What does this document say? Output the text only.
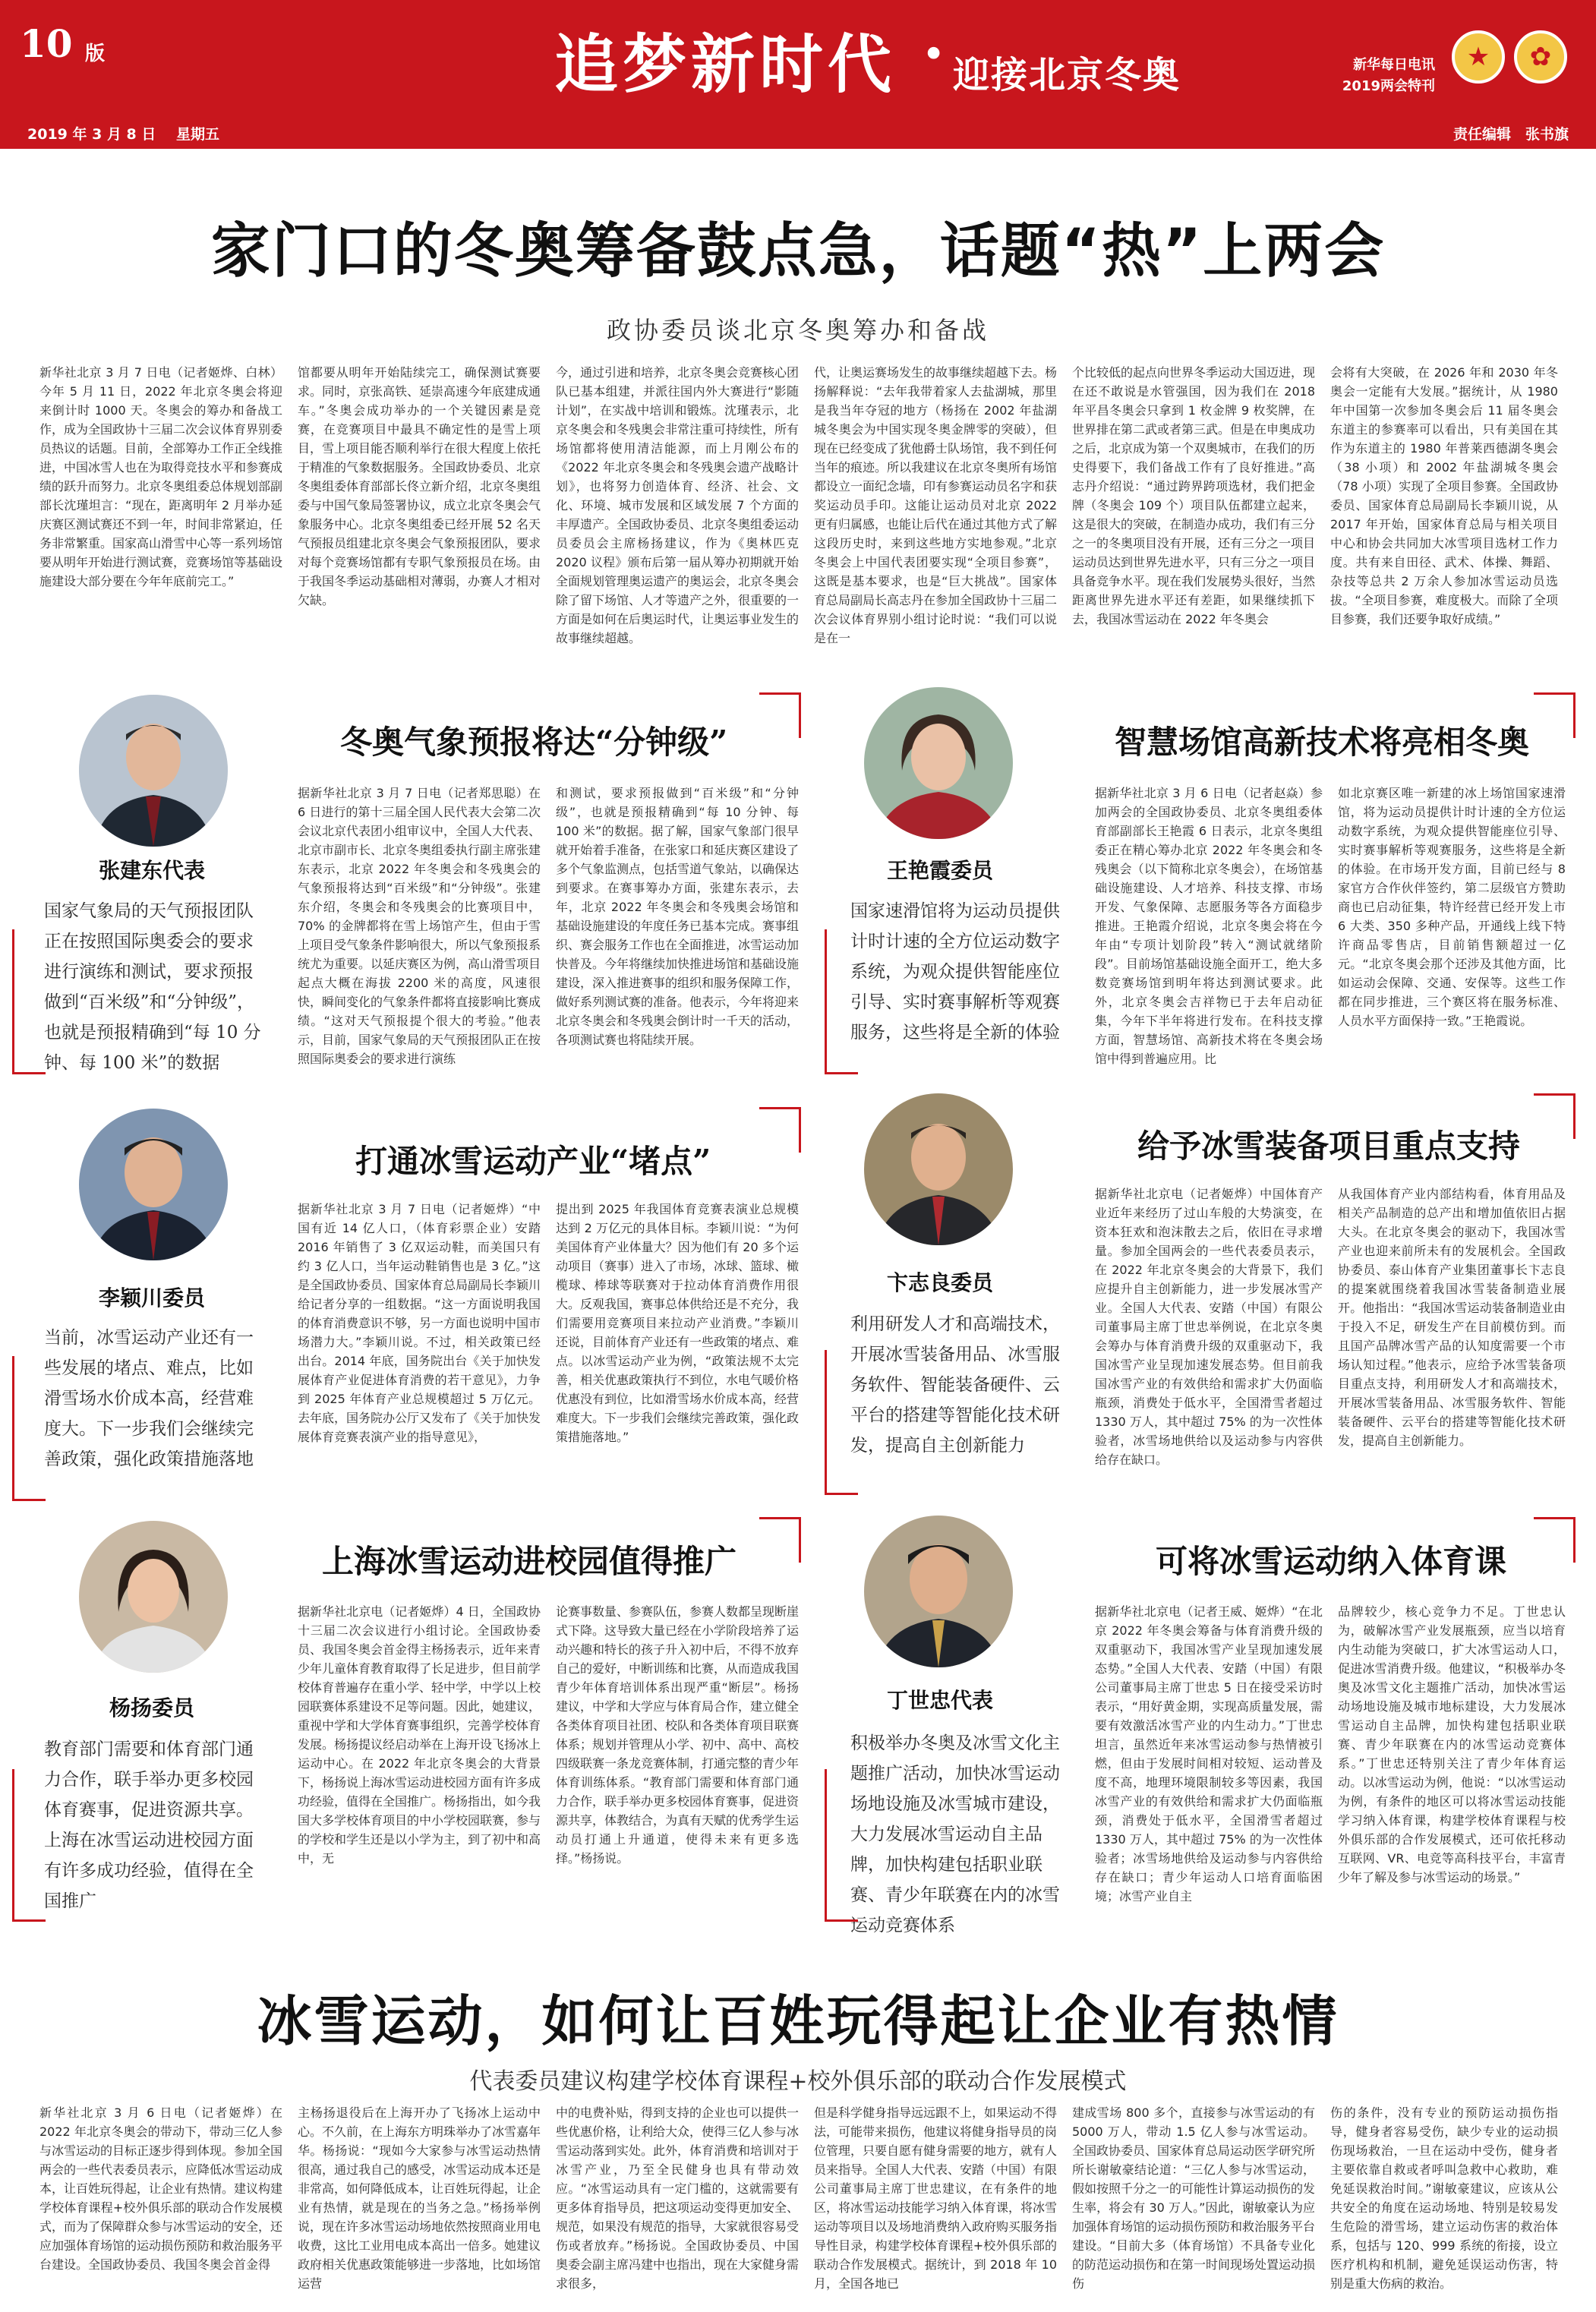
10 版	追梦新时代 · 迎接北京冬奥	新华每日电讯
2019两会特刊
★	✿
2019 年 3 月 8 日 星期五	责任编辑　张书旗
家门口的冬奥筹备鼓点急，话题“热”上两会
政协委员谈北京冬奥筹办和备战

新华社北京 3 月 7 日电（记者姬烨、白林）今年 5 月 11 日，2022 年北京冬奥会将迎来倒计时 1000 天。冬奥会的筹办和备战工作，成为全国政协十三届二次会议体育界别委员热议的话题。目前，全部筹办工作正全线推进，中国冰雪人也在为取得竞技水平和参赛成绩的跃升而努力。北京冬奥组委总体规划部副部长沈瑾坦言：“现在，距离明年 2 月举办延庆赛区测试赛还不到一年，时间非常紧迫，任务非常繁重。国家高山滑雪中心等一系列场馆要从明年开始进行测试赛，竞赛场馆等基础设施建设大部分要在今年年底前完工。”

馆都要从明年开始陆续完工，确保测试赛要求。同时，京张高铁、延崇高速今年底建成通车。”冬奥会成功举办的一个关键因素是竞赛，在竞赛项目中最具不确定性的是雪上项目，雪上项目能否顺利举行在很大程度上依托于精准的气象数据服务。全国政协委员、北京冬奥组委体育部部长佟立新介绍，北京冬奥组委与中国气象局签署协议，成立北京冬奥会气象服务中心。北京冬奥组委已经开展 52 名天气预报员组建北京冬奥会气象预报团队，要求对每个竞赛场馆都有专职气象预报员在场。由于我国冬季运动基础相对薄弱，办赛人才相对欠缺。

今，通过引进和培养，北京冬奥会竞赛核心团队已基本组建，并派往国内外大赛进行“影随计划”，在实战中培训和锻炼。沈瑾表示，北京冬奥会和冬残奥会非常注重可持续性，所有场馆都将使用清洁能源，而上月刚公布的《2022 年北京冬奥会和冬残奥会遗产战略计划》，也将努力创造体育、经济、社会、文化、环境、城市发展和区域发展 7 个方面的丰厚遗产。全国政协委员、北京冬奥组委运动员委员会主席杨扬建议，作为《奥林匹克 2020 议程》颁布后第一届从筹办初期就开始全面规划管理奥运遗产的奥运会，北京冬奥会除了留下场馆、人才等遗产之外，很重要的一方面是如何在后奥运时代，让奥运事业发生的故事继续超越。

代，让奥运赛场发生的故事继续超越下去。杨扬解释说：“去年我带着家人去盐湖城，那里是我当年夺冠的地方（杨扬在 2002 年盐湖城冬奥会为中国实现冬奥金牌零的突破），但现在已经变成了犹他爵士队场馆，我不到任何当年的痕迹。所以我建议在北京冬奥所有场馆都设立一面纪念墙，印有参赛运动员名字和获奖运动员手印。这能让运动员对北京 2022 更有归属感，也能让后代在通过其他方式了解这段历史时，来到这些地方实地参观。”北京冬奥会上中国代表团要实现“全项目参赛”，这既是基本要求，也是“巨大挑战”。国家体育总局副局长高志丹在参加全国政协十三届二次会议体育界别小组讨论时说：“我们可以说是在一

个比较低的起点向世界冬季运动大国迈进，现在还不敢说是水管强国，因为我们在 2018 年平昌冬奥会只拿到 1 枚金牌 9 枚奖牌，在世界排在第二武或者第三武。但是在申奥成功之后，北京成为第一个双奥城市，在我们的历史得要下，我们备战工作有了良好推进。”高志丹介绍说：“通过跨界跨项选材，我们把金牌（冬奥会 109 个）项目队伍都建立起来，这是很大的突破，在制造办成功，我们有三分之一的冬奥项目没有开展，还有三分之一项目运动员达到世界先进水平，只有三分之一项目具备竞争水平。现在我们发展势头很好，当然距离世界先进水平还有差距，如果继续抓下去，我国冰雪运动在 2022 年冬奥会

会将有大突破，在 2026 年和 2030 年冬奥会一定能有大发展。”据统计，从 1980 年中国第一次参加冬奥会后 11 届冬奥会东道主的参赛率可以看出，只有美国在其作为东道主的 1980 年普莱西德湖冬奥会（38 小项）和 2002 年盐湖城冬奥会（78 小项）实现了全项目参赛。全国政协委员、国家体育总局副局长李颖川说，从 2017 年开始，国家体育总局与相关项目中心和协会共同加大冰雪项目选材工作力度。共有来自田径、武术、体操、舞蹈、杂技等总共 2 万余人参加冰雪运动员选拔。“全项目参赛，难度极大。而除了全项目参赛，我们还要争取好成绩。”

张建东代表

国家气象局的天气预报团队正在按照国际奥委会的要求进行演练和测试，要求预报做到“百米级”和“分钟级”，也就是预报精确到“每 10 分钟、每 100 米”的数据

冬奥气象预报将达“分钟级”

据新华社北京 3 月 7 日电（记者郑思聪）在 6 日进行的第十三届全国人民代表大会第二次会议北京代表团小组审议中，全国人大代表、北京市副市长、北京冬奥组委执行副主席张建东表示，北京 2022 年冬奥会和冬残奥会的气象预报将达到“百米级”和“分钟级”。张建东介绍，冬奥会和冬残奥会的比赛项目中，70% 的金牌都将在雪上场馆产生，但由于雪上项目受气象条件影响很大，所以气象预报系统尤为重要。以延庆赛区为例，高山滑雪项目起点大概在海拔 2200 米的高度，风速很快，瞬间变化的气象条件都将直接影响比赛成绩。“这对天气预报提个很大的考验。”他表示，目前，国家气象局的天气预报团队正在按照国际奥委会的要求进行演练

和测试，要求预报做到“百米级”和“分钟级”，也就是预报精确到“每 10 分钟、每 100 米”的数据。据了解，国家气象部门很早就开始着手准备，在张家口和延庆赛区建设了多个气象监测点，包括雪道气象站，以确保达到要求。在赛事筹办方面，张建东表示，去年，北京 2022 年冬奥会和冬残奥会场馆和基础设施建设的年度任务已基本完成。赛事组织、赛会服务工作也在全面推进，冰雪运动加快普及。今年将继续加快推进场馆和基础设施建设，深入推进赛事的组织和服务保障工作，做好系列测试赛的准备。他表示，今年将迎来北京冬奥会和冬残奥会倒计时一千天的活动，各项测试赛也将陆续开展。

王艳霞委员

国家速滑馆将为运动员提供计时计速的全方位运动数字系统，为观众提供智能座位引导、实时赛事解析等观赛服务，这些将是全新的体验

智慧场馆高新技术将亮相冬奥

据新华社北京 3 月 6 日电（记者赵焱）参加两会的全国政协委员、北京冬奥组委体育部副部长王艳霞 6 日表示，北京冬奥组委正在精心筹办北京 2022 年冬奥会和冬残奥会（以下简称北京冬奥会），在场馆基础设施建设、人才培养、科技支撑、市场开发、气象保障、志愿服务等各方面稳步推进。王艳霞介绍说，北京冬奥会将在今年由“专项计划阶段”转入“测试就绪阶段”。目前场馆基础设施全面开工，绝大多数竞赛场馆到明年将达到测试要求。此外，北京冬奥会吉祥物已于去年启动征集，今年下半年将进行发布。在科技支撑方面，智慧场馆、高新技术将在冬奥会场馆中得到普遍应用。比

如北京赛区唯一新建的冰上场馆国家速滑馆，将为运动员提供计时计速的全方位运动数字系统，为观众提供智能座位引导、实时赛事解析等观赛服务，这些将是全新的体验。在市场开发方面，目前已经与 8 家官方合作伙伴签约，第二层级官方赞助商也已启动征集，特许经营已经开发上市 6 大类、350 多种产品，开通线上线下特许商品零售店，目前销售额超过一亿元。“北京冬奥会那个还涉及其他方面，比如运动会保障、交通、安保等。这些工作都在同步推进，三个赛区将在服务标准、人员水平方面保持一致。”王艳霞说。

李颖川委员

当前，冰雪运动产业还有一些发展的堵点、难点，比如滑雪场水价成本高，经营难度大。下一步我们会继续完善政策，强化政策措施落地

打通冰雪运动产业“堵点”

据新华社北京 3 月 7 日电（记者姬烨）“中国有近 14 亿人口，（体育彩票企业）安踏 2016 年销售了 3 亿双运动鞋，而美国只有约 3 亿人口，当年运动鞋销售也是 3 亿。”这是全国政协委员、国家体育总局副局长李颖川给记者分享的一组数据。“这一方面说明我国的体育消费意识不够，另一方面也说明中国市场潜力大。”李颖川说。不过，相关政策已经出台。2014 年底，国务院出台《关于加快发展体育产业促进体育消费的若干意见》，力争到 2025 年体育产业总规模超过 5 万亿元。去年底，国务院办公厅又发布了《关于加快发展体育竞赛表演产业的指导意见》，

提出到 2025 年我国体育竞赛表演业总规模达到 2 万亿元的具体目标。李颖川说：“为何美国体育产业体量大？因为他们有 20 多个运动项目（赛事）进入了市场，冰球、篮球、橄榄球、棒球等联赛对于拉动体育消费作用很大。反观我国，赛事总体供给还是不充分，我们需要用竞赛项目来拉动产业消费。”李颖川还说，目前体育产业还有一些政策的堵点、难点。以冰雪运动产业为例，“政策法规不太完善，相关优惠政策执行不到位，水电气暖价格优惠没有到位，比如滑雪场水价成本高，经营难度大。下一步我们会继续完善政策，强化政策措施落地。”

卞志良委员

利用研发人才和高端技术，开展冰雪装备用品、冰雪服务软件、智能装备硬件、云平台的搭建等智能化技术研发，提高自主创新能力

给予冰雪装备项目重点支持

据新华社北京电（记者姬烨）中国体育产业近年来经历了过山车般的大势演变，在资本狂欢和泡沫散去之后，依旧在寻求增量。参加全国两会的一些代表委员表示，在 2022 年北京冬奥会的大背景下，我们应提升自主创新能力，进一步发展冰雪产业。全国人大代表、安踏（中国）有限公司董事局主席丁世忠举例说，在北京冬奥会筹办与体育消费升级的双重驱动下，我国冰雪产业呈现加速发展态势。但目前我国冰雪产业的有效供给和需求扩大仍面临瓶颈，消费处于低水平，全国滑雪者超过 1330 万人，其中超过 75% 的为一次性体验者，冰雪场地供给以及运动参与内容供给存在缺口。

从我国体育产业内部结构看，体育用品及相关产品制造的总产出和增加值依旧占据大头。在北京冬奥会的驱动下，我国冰雪产业也迎来前所未有的发展机会。全国政协委员、泰山体育产业集团董事长卞志良的提案就围绕着我国冰雪装备制造业展开。他指出：“我国冰雪运动装备制造业由于投入不足，研发生产在目前模仿到。而且国产品牌冰雪产品的认知度需要一个市场认知过程。”他表示，应给予冰雪装备项目重点支持，利用研发人才和高端技术，开展冰雪装备用品、冰雪服务软件、智能装备硬件、云平台的搭建等智能化技术研发，提高自主创新能力。

杨扬委员

教育部门需要和体育部门通力合作，联手举办更多校园体育赛事，促进资源共享。上海在冰雪运动进校园方面有许多成功经验，值得在全国推广

上海冰雪运动进校园值得推广

据新华社北京电（记者姬烨）4 日，全国政协十三届二次会议进行小组讨论。全国政协委员、我国冬奥会首金得主杨扬表示，近年来青少年儿童体育教育取得了长足进步，但目前学校体育普遍存在重小学、轻中学，中学以上校园联赛体系建设不足等问题。因此，她建议，重视中学和大学体育赛事组织，完善学校体育发展。杨扬提议经启动举在上海开设飞扬冰上运动中心。在 2022 年北京冬奥会的大背景下，杨扬说上海冰雪运动进校园方面有许多成功经验，值得在全国推广。杨扬指出，如今我国大多学校体育项目的中小学校园联赛，参与的学校和学生还是以小学为主，到了初中和高中，无

论赛事数量、参赛队伍，参赛人数都呈现断崖式下降。这导致大量已经在小学阶段培养了运动兴趣和特长的孩子升入初中后，不得不放弃自己的爱好，中断训练和比赛，从而造成我国青少年体育培训体系出现严重“断层”。杨扬建议，中学和大学应与体育局合作，建立健全各类体育项目社团、校队和各类体育项目联赛体系；规划并管理从小学、初中、高中、高校四级联赛一条龙竞赛体制，打通完整的青少年体育训练体系。“教育部门需要和体育部门通力合作，联手举办更多校园体育赛事，促进资源共享，体教结合，为真有天赋的优秀学生运动员打通上升通道，使得未来有更多选择。”杨扬说。

丁世忠代表

积极举办冬奥及冰雪文化主题推广活动，加快冰雪运动场地设施及冰雪城市建设，大力发展冰雪运动自主品牌，加快构建包括职业联赛、青少年联赛在内的冰雪运动竞赛体系

可将冰雪运动纳入体育课

据新华社北京电（记者王威、姬烨）“在北京 2022 年冬奥会筹备与体育消费升级的双重驱动下，我国冰雪产业呈现加速发展态势。”全国人大代表、安踏（中国）有限公司董事局主席丁世忠 5 日在接受采访时表示，“用好黄金期，实现高质量发展，需要有效激活冰雪产业的内生动力。”丁世忠坦言，虽然近年来冰雪运动参与热情被引燃，但由于发展时间相对较短、运动普及度不高，地理环境限制较多等因素，我国冰雪产业的有效供给和需求扩大仍面临瓶颈，消费处于低水平，全国滑雪者超过 1330 万人，其中超过 75% 的为一次性体验者；冰雪场地供给及运动参与内容供给存在缺口；青少年运动人口培育面临困境；冰雪产业自主

品牌较少，核心竞争力不足。丁世忠认为，破解冰雪产业发展瓶颈，应当以培育内生动能为突破口，扩大冰雪运动人口，促进冰雪消费升级。他建议，“积极举办冬奥及冰雪文化主题推广活动，加快冰雪运动场地设施及城市地标建设，大力发展冰雪运动自主品牌，加快构建包括职业联赛、青少年联赛在内的冰雪运动竞赛体系。”丁世忠还特别关注了青少年体育运动。以冰雪运动为例，他说：“以冰雪运动为例，有条件的地区可以将冰雪运动技能学习纳入体育课，构建学校体育课程与校外俱乐部的合作发展模式，还可依托移动互联网、VR、电竞等高科技平台，丰富青少年了解及参与冰雪运动的场景。”

冰雪运动，如何让百姓玩得起让企业有热情
代表委员建议构建学校体育课程+校外俱乐部的联动合作发展模式

新华社北京 3 月 6 日电（记者姬烨）在 2022 年北京冬奥会的带动下，带动三亿人参与冰雪运动的目标正逐步得到体现。参加全国两会的一些代表委员表示，应降低冰雪运动成本，让百姓玩得起，让企业有热情。建议构建学校体育课程+校外俱乐部的联动合作发展模式，而为了保障群众参与冰雪运动的安全，还应加强体育场馆的运动损伤预防和救治服务平台建设。全国政协委员、我国冬奥会首金得

主杨扬退役后在上海开办了飞扬冰上运动中心。不久前，在上海东方明珠举办了冰雪嘉年华。杨扬说：“现如今大家参与冰雪运动热情很高，通过我自己的感受，冰雪运动成本还是非常高，如何降低成本，让百姓玩得起，让企业有热情，就是现在的当务之急。”杨扬举例说，现在许多冰雪运动场地依然按照商业用电收费，这比工业用电成本高出一倍多。她建议政府相关优惠政策能够进一步落地，比如场馆运营

中的电费补贴，得到支持的企业也可以提供一些优惠价格，让利给大众，使得三亿人参与冰雪运动落到实处。此外，体育消费和培训对于冰雪产业，乃至全民健身也具有带动效应。“冰雪运动具有一定门槛的，这就需要有更多体育指导员，把这项运动变得更加安全、规范，如果没有规范的指导，大家就很容易受伤或者放弃。”杨扬说。全国政协委员、中国奥委会副主席冯建中也指出，现在大家健身需求很多，

但是科学健身指导远远跟不上，如果运动不得法，可能带来损伤，他建议将健身指导员的岗位管理，只要自愿有健身需要的地方，就有人员来指导。全国人大代表、安踏（中国）有限公司董事局主席丁世忠建议，在有条件的地区，将冰雪运动技能学习纳入体育课，将冰雪运动等项目以及场地消费纳入政府购买服务指导性目录，构建学校体育课程+校外俱乐部的联动合作发展模式。据统计，到 2018 年 10 月，全国各地已

建成雪场 800 多个，直接参与冰雪运动的有 5000 万人，带动 1.5 亿人参与冰雪运动。全国政协委员、国家体育总局运动医学研究所所长谢敏豪结论道：“三亿人参与冰雪运动，假如按照千分之一的可能性计算运动损伤的发生率，将会有 30 万人。”因此，谢敏豪认为应加强体育场馆的运动损伤预防和救治服务平台建设。“目前大多（体育场馆）不具备专业化的防范运动损伤和在第一时间现场处置运动损伤

伤的条件，没有专业的预防运动损伤指导，健身者容易受伤，缺少专业的运动损伤现场救治，一旦在运动中受伤，健身者主要依靠自救或者呼叫急救中心救助，难免延误救治时间。”谢敏豪建议，应该从公共安全的角度在运动场地、特别是较易发生危险的滑雪场，建立运动伤害的救治体系，包括与 120、999 系统的衔接，设立医疗机构和机制，避免延误运动伤害，特别是重大伤病的救治。
